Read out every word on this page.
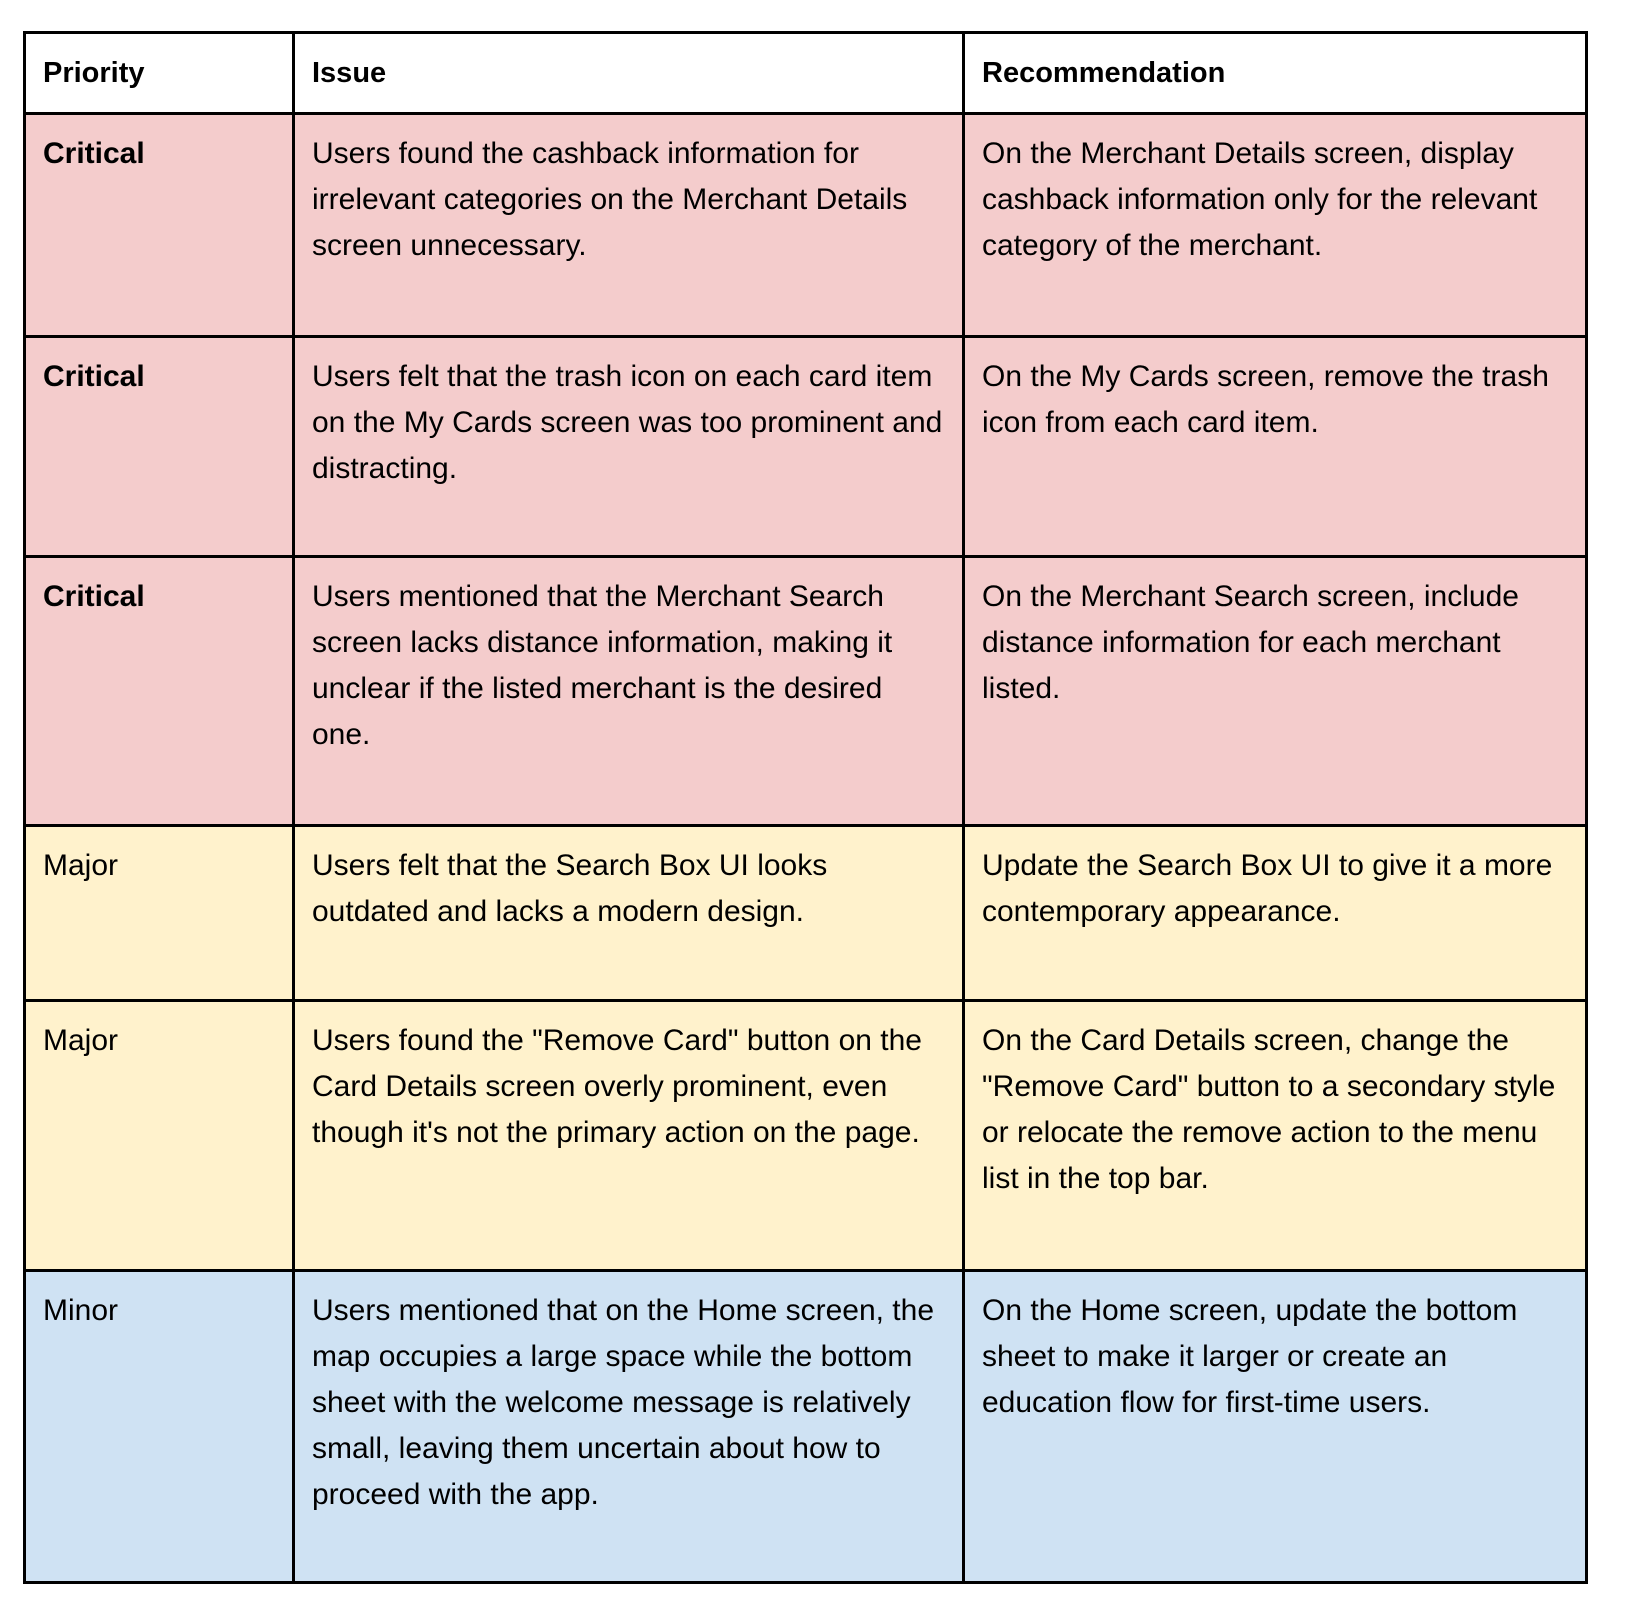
Priority	Issue	Recommendation
Critical	Users found the cashback information for irrelevant categories on the Merchant Details screen unnecessary.	On the Merchant Details screen, display cashback information only for the relevant category of the merchant.
Critical	Users felt that the trash icon on each card item on the My Cards screen was too prominent and distracting.	On the My Cards screen, remove the trash icon from each card item.
Critical	Users mentioned that the Merchant Search screen lacks distance information, making it unclear if the listed merchant is the desired one.	On the Merchant Search screen, include distance information for each merchant listed.
Major	Users felt that the Search Box UI looks outdated and lacks a modern design.	Update the Search Box UI to give it a more contemporary appearance.
Major	Users found the "Remove Card" button on the Card Details screen overly prominent, even though it's not the primary action on the page.	On the Card Details screen, change the "Remove Card" button to a secondary style or relocate the remove action to the menu list in the top bar.
Minor	Users mentioned that on the Home screen, the map occupies a large space while the bottom sheet with the welcome message is relatively small, leaving them uncertain about how to proceed with the app.	On the Home screen, update the bottom sheet to make it larger or create an education flow for first-time users.
